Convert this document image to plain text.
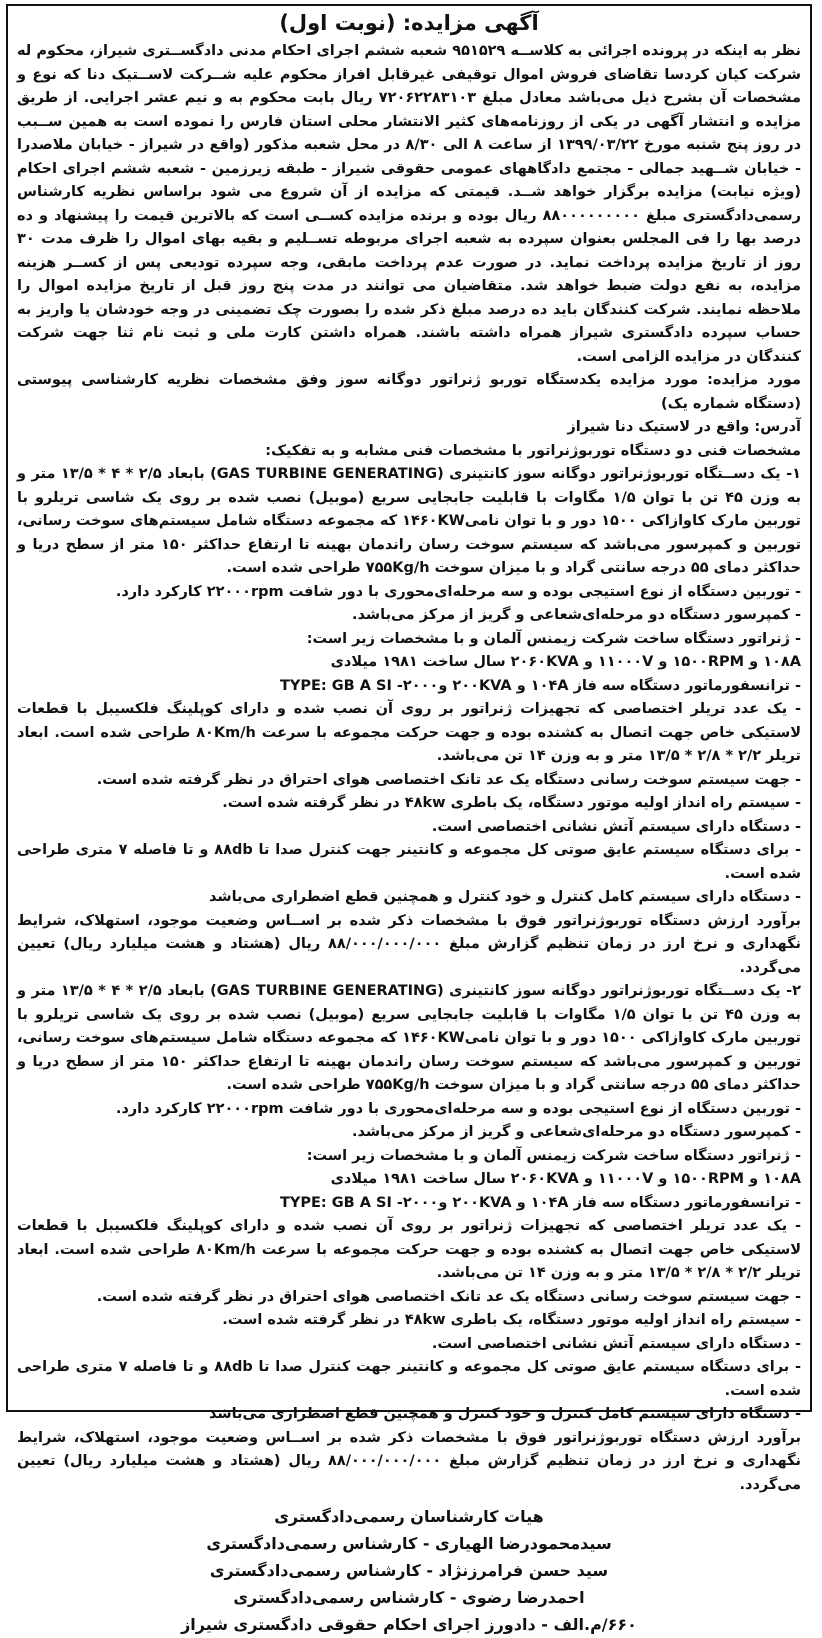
آگهی مزایده: (نوبت اول)

نظر به اینکه در پرونده اجرائی به کلاســه ۹۵۱۵۲۹ شعبه ششم اجرای احکام مدنی دادگســتری شیراز، محکوم له شرکت کیان کردسا تقاضای فروش اموال توقیفی غیرقابل افراز محکوم علیه شــرکت لاســتیک دنا که نوع و مشخصات آن بشرح ذیل می‌باشد معادل مبلغ ۷۲۰۶۲۲۸۳۱۰۳ ریال بابت محکوم به و نیم عشر اجرایی. از طریق مزایده و انتشار آگهی در یکی از روزنامه‌های کثیر الانتشار محلی استان فارس را نموده است به همین ســبب در روز پنج شنبه مورخ ۱۳۹۹/۰۳/۲۲ از ساعت ۸ الی ۸/۳۰ در محل شعبه مذکور (واقع در شیراز - خیابان ملاصدرا - خیابان شــهید جمالی - مجتمع دادگاههای عمومی حقوقی شیراز - طبقه زیرزمین - شعبه ششم اجرای احکام (ویژه نیابت) مزایده برگزار خواهد شــد. قیمتی که مزایده از آن شروع می شود براساس نظریه کارشناس رسمی‌دادگستری مبلغ ۸۸۰۰۰۰۰۰۰۰۰ ریال بوده و برنده مزایده کســی است که بالاترین قیمت را پیشنهاد و ده درصد بها را فی المجلس بعنوان سپرده به شعبه اجرای مربوطه تســلیم و بقیه بهای اموال را ظرف مدت ۳۰ روز از تاریخ مزایده پرداخت نماید. در صورت عدم پرداخت مابقی، وجه سپرده تودیعی پس از کســر هزینه مزایده، به نفع دولت ضبط خواهد شد. متقاضیان می توانند در مدت پنج روز قبل از تاریخ مزایده اموال را ملاحظه نمایند. شرکت کنندگان باید ده درصد مبلغ ذکر شده را بصورت چک تضمینی در وجه خودشان یا واریز به حساب سپرده دادگستری شیراز همراه داشته باشند. همراه داشتن کارت ملی و ثبت نام ثنا جهت شرکت کنندگان در مزایده الزامی است.

مورد مزایده: مورد مزایده یکدستگاه توربو ژنراتور دوگانه سوز وفق مشخصات نظریه کارشناسی پیوستی (دستگاه شماره یک)

آدرس: واقع در لاستیک دنا شیراز

مشخصات فنی دو دستگاه توربوژنراتور با مشخصات فنی مشابه و به تفکیک:

۱- یک دســتگاه توربوژنراتور دوگانه سوز کانتینری (GAS TURBINE GENERATING) بابعاد ۲/۵ * ۴ * ۱۳/۵ متر و به وزن ۴۵ تن با توان ۱/۵ مگاوات با قابلیت جابجایی سریع (موبیل) نصب شده بر روی یک شاسی تریلرو با توربین مارک کاوازاکی ۱۵۰۰ دور و با توان نامی۱۴۶۰KW که مجموعه دستگاه شامل سیستم‌های سوخت رسانی، توربین و کمپرسور می‌باشد که سیستم سوخت رسان راندمان بهینه تا ارتفاع حداکثر ۱۵۰ متر از سطح دریا و حداکثر دمای ۵۵ درجه سانتی گراد و با میزان سوخت ۷۵۵Kg/h طراحی شده است.

- توربین دستگاه از نوع استیجی بوده و سه مرحله‌ای‌محوری با دور شافت ۲۲۰۰۰rpm کارکرد دارد.

- کمپرسور دستگاه دو مرحله‌ای‌شعاعی و گریز از مرکز می‌باشد.

- ژنراتور دستگاه ساخت شرکت زیمنس آلمان و با مشخصات زیر است:

۱۰۸A و ۱۵۰۰RPM و ۱۱۰۰۰V و ۲۰۶۰KVA سال ساخت ۱۹۸۱ میلادی

- ترانسفورماتور دستگاه سه فاز ۱۰۴A و ۲۰۰KVA و۲۰۰۰- TYPE: GB A SI

- یک عدد تریلر اختصاصی که تجهیزات ژنراتور بر روی آن نصب شده و دارای کوپلینگ فلکسیبل با قطعات لاستیکی خاص جهت اتصال به کشنده بوده و جهت حرکت مجموعه با سرعت ۸۰Km/h طراحی شده است. ابعاد تریلر ۲/۲ * ۲/۸ * ۱۳/۵ متر و به وزن ۱۴ تن می‌باشد.

- جهت سیستم سوخت رسانی دستگاه یک عد تانک اختصاصی هوای احتراق در نظر گرفته شده است.

- سیستم راه انداز اولیه موتور دستگاه، یک باطری ۴۸kw در نظر گرفته شده است.

- دستگاه دارای سیستم آتش نشانی اختصاصی است.

- برای دستگاه سیستم عایق صوتی کل مجموعه و کانتینر جهت کنترل صدا تا ۸۸db و تا فاصله ۷ متری طراحی شده است.

- دستگاه دارای سیستم کامل کنترل و خود کنترل و همچنین قطع اضطراری می‌باشد

برآورد ارزش دستگاه توربوژنراتور فوق با مشخصات ذکر شده بر اســاس وضعیت موجود، استهلاک، شرایط نگهداری و نرخ ارز در زمان تنظیم گزارش مبلغ ۸۸/۰۰۰/۰۰۰/۰۰۰ ریال (هشتاد و هشت میلیارد ریال) تعیین می‌گردد.

۲- یک دســتگاه توربوژنراتور دوگانه سوز کانتینری (GAS TURBINE GENERATING) بابعاد ۲/۵ * ۴ * ۱۳/۵ متر و به وزن ۴۵ تن با توان ۱/۵ مگاوات با قابلیت جابجایی سریع (موبیل) نصب شده بر روی یک شاسی تریلرو با توربین مارک کاوازاکی ۱۵۰۰ دور و با توان نامی۱۴۶۰KW که مجموعه دستگاه شامل سیستم‌های سوخت رسانی، توربین و کمپرسور می‌باشد که سیستم سوخت رسان راندمان بهینه تا ارتفاع حداکثر ۱۵۰ متر از سطح دریا و حداکثر دمای ۵۵ درجه سانتی گراد و با میزان سوخت ۷۵۵Kg/h طراحی شده است.

- توربین دستگاه از نوع استیجی بوده و سه مرحله‌ای‌محوری با دور شافت ۲۲۰۰۰rpm کارکرد دارد.

- کمپرسور دستگاه دو مرحله‌ای‌شعاعی و گریز از مرکز می‌باشد.

- ژنراتور دستگاه ساخت شرکت زیمنس آلمان و با مشخصات زیر است:

۱۰۸A و ۱۵۰۰RPM و ۱۱۰۰۰V و ۲۰۶۰KVA سال ساخت ۱۹۸۱ میلادی

- ترانسفورماتور دستگاه سه فاز ۱۰۴A و ۲۰۰KVA و۲۰۰۰- TYPE: GB A SI

- یک عدد تریلر اختصاصی که تجهیزات ژنراتور بر روی آن نصب شده و دارای کوپلینگ فلکسیبل با قطعات لاستیکی خاص جهت اتصال به کشنده بوده و جهت حرکت مجموعه با سرعت ۸۰Km/h طراحی شده است. ابعاد تریلر ۲/۲ * ۲/۸ * ۱۳/۵ متر و به وزن ۱۴ تن می‌باشد.

- جهت سیستم سوخت رسانی دستگاه یک عد تانک اختصاصی هوای احتراق در نظر گرفته شده است.

- سیستم راه انداز اولیه موتور دستگاه، یک باطری ۴۸kw در نظر گرفته شده است.

- دستگاه دارای سیستم آتش نشانی اختصاصی است.

- برای دستگاه سیستم عایق صوتی کل مجموعه و کانتینر جهت کنترل صدا تا ۸۸db و تا فاصله ۷ متری طراحی شده است.

- دستگاه دارای سیستم کامل کنترل و خود کنترل و همچنین قطع اضطراری می‌باشد

برآورد ارزش دستگاه توربوژنراتور فوق با مشخصات ذکر شده بر اســاس وضعیت موجود، استهلاک، شرایط نگهداری و نرخ ارز در زمان تنظیم گزارش مبلغ ۸۸/۰۰۰/۰۰۰/۰۰۰ ریال (هشتاد و هشت میلیارد ریال) تعیین می‌گردد.

هیات کارشناسان رسمی‌دادگستری
سیدمحمودرضا الهیاری - کارشناس رسمی‌دادگستری
سید حسن فرامرزنژاد - کارشناس رسمی‌دادگستری
احمدرضا رضوی - کارشناس رسمی‌دادگستری
۶۶۰/م.الف - دادورز اجرای احکام حقوقی دادگستری شیراز
